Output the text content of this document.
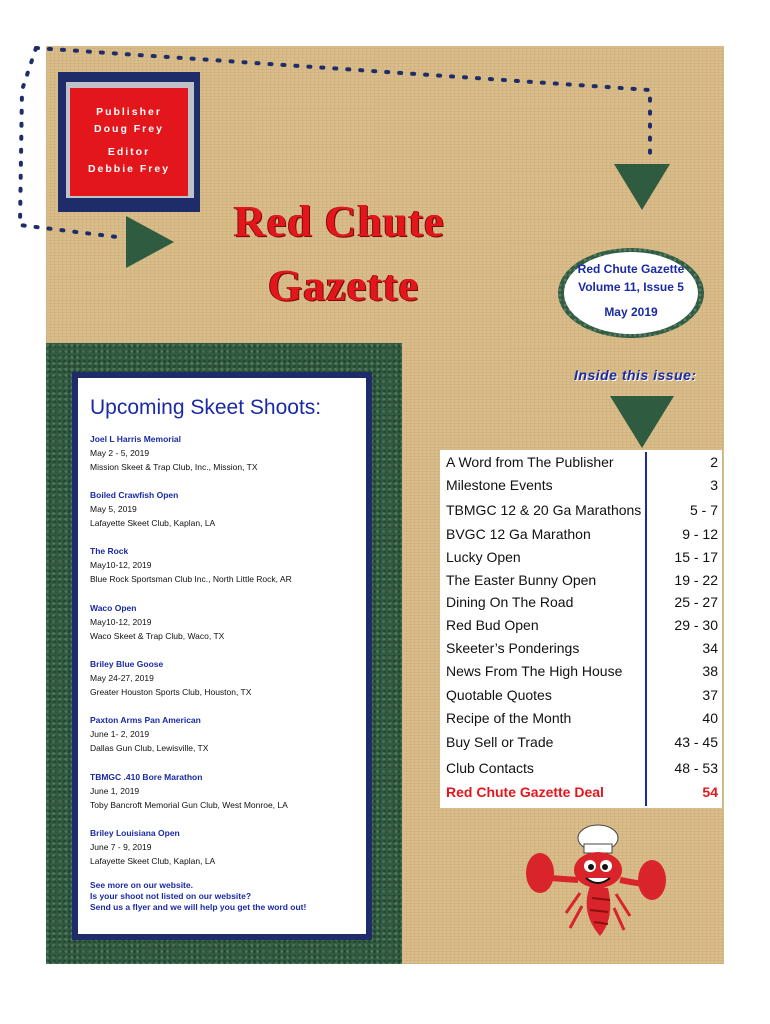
Publisher
Doug Frey
Editor
Debbie Frey
Red Chute
Gazette	Red Chute Gazette
Volume 11, Issue 5
May 2019
Inside this issue:
Upcoming Skeet Shoots:
Joel L Harris Memorial
May 2 - 5, 2019
Mission Skeet & Trap Club, Inc., Mission, TX
Boiled Crawfish Open
May 5, 2019
Lafayette Skeet Club, Kaplan, LA
The Rock
May10-12, 2019
Blue Rock Sportsman Club Inc., North Little Rock, AR
Waco Open
May10-12, 2019
Waco Skeet & Trap Club, Waco, TX
Briley Blue Goose
May 24-27, 2019
Greater Houston Sports Club, Houston, TX
Paxton Arms Pan American
June 1- 2, 2019
Dallas Gun Club, Lewisville, TX
TBMGC .410 Bore Marathon
June 1, 2019
Toby Bancroft Memorial Gun Club, West Monroe, LA
Briley Louisiana Open
June 7 - 9, 2019
Lafayette Skeet Club, Kaplan, LA
See more on our website.
Is your shoot not listed on our website?
Send us a flyer and we will help you get the word out!
A Word from The Publisher	2
Milestone Events	3
TBMGC 12 & 20 Ga Marathons	5 - 7
BVGC 12 Ga Marathon	9 - 12
Lucky Open	15 - 17
The Easter Bunny Open	19 - 22
Dining On The Road	25 - 27
Red Bud Open	29 - 30
Skeeter’s Ponderings	34
News From The High House	38
Quotable Quotes	37
Recipe of the Month	40
Buy Sell or Trade	43 - 45
Club Contacts	48 - 53
Red Chute Gazette Deal	54
